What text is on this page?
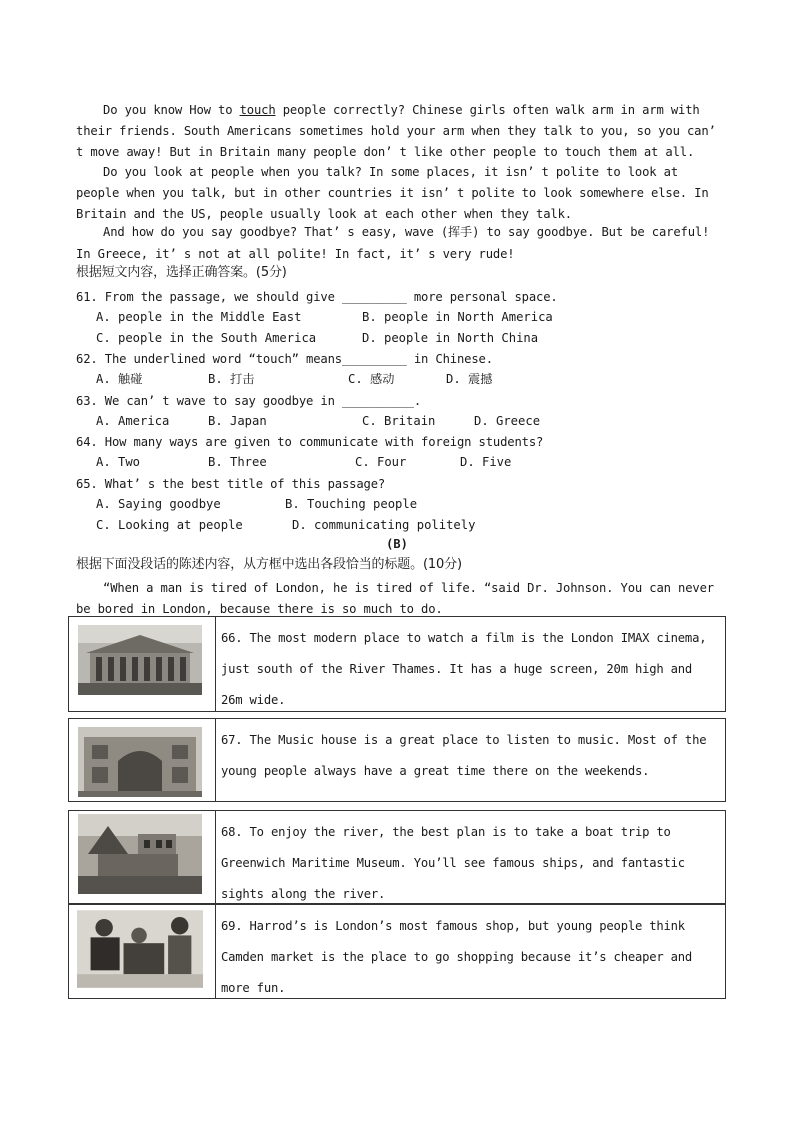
Do you know How to touch people correctly? Chinese girls often walk arm in arm with their friends. South Americans sometimes hold your arm when they talk to you, so you can’ t move away! But in Britain many people don’ t like other people to touch them at all.

Do you look at people when you talk? In some places, it isn’ t polite to look at people when you talk, but in other countries it isn’ t polite to look somewhere else. In Britain and the US, people usually look at each other when they talk.

And how do you say goodbye? That’ s easy, wave (挥手) to say goodbye. But be careful!
In Greece, it’ s not at all polite! In fact, it’ s very rude!
根据短文内容，选择正确答案。(5分)
61. From the passage, we should give _________ more personal space.
A. people in the Middle East	B. people in North America
C. people in the South America	D. people in North China
62. The underlined word “touch” means_________ in Chinese.
A. 触碰	B. 打击	C. 感动	D. 震撼
63. We can’ t wave to say goodbye in __________.
A. America	B. Japan	C. Britain	D. Greece
64. How many ways are given to communicate with foreign students?
A. Two	B. Three	C. Four	D. Five
65. What’ s the best title of this passage?
A. Saying goodbye	B. Touching people
C. Looking at people	D. communicating politely
(B)
根据下面没段话的陈述内容，从方框中选出各段恰当的标题。(10分)

“When a man is tired of London, he is tired of life. “said Dr. Johnson. You can never be bored in London, because there is so much to do.

66. The most modern place to watch a film is the London IMAX cinema, just south of the River Thames. It has a huge screen, 20m high and 26m wide.
67. The Music house is a great place to listen to music. Most of the young people always have a great time there on the weekends.
68. To enjoy the river, the best plan is to take a boat trip to Greenwich Maritime Museum. You’ll see famous ships, and fantastic sights along the river.
69. Harrod’s is London’s most famous shop, but young people think Camden market is the place to go shopping because it’s cheaper and more fun.
